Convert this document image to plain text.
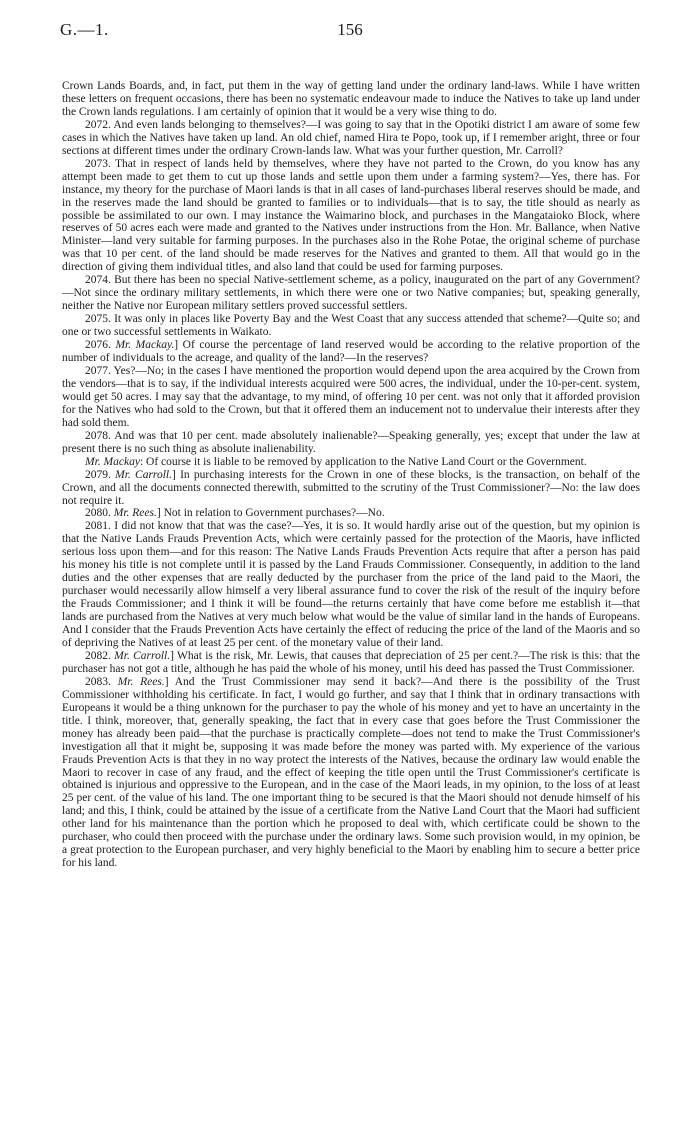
G.—1.	156

Crown Lands Boards, and, in fact, put them in the way of getting land under the ordinary land-laws. While I have written these letters on frequent occasions, there has been no systematic endeavour made to induce the Natives to take up land under the Crown lands regulations. I am certainly of opinion that it would be a very wise thing to do.

2072. And even lands belonging to themselves?—I was going to say that in the Opotiki district I am aware of some few cases in which the Natives have taken up land. An old chief, named Hira te Popo, took up, if I remember aright, three or four sections at different times under the ordinary Crown-lands law. What was your further question, Mr. Carroll?

2073. That in respect of lands held by themselves, where they have not parted to the Crown, do you know has any attempt been made to get them to cut up those lands and settle upon them under a farming system?—Yes, there has. For instance, my theory for the purchase of Maori lands is that in all cases of land-purchases liberal reserves should be made, and in the reserves made the land should be granted to families or to individuals—that is to say, the title should as nearly as possible be assimilated to our own. I may instance the Waimarino block, and purchases in the Mangataioko Block, where reserves of 50 acres each were made and granted to the Natives under instructions from the Hon. Mr. Ballance, when Native Minister—land very suitable for farming purposes. In the purchases also in the Rohe Potae, the original scheme of purchase was that 10 per cent. of the land should be made reserves for the Natives and granted to them. All that would go in the direction of giving them individual titles, and also land that could be used for farming purposes.

2074. But there has been no special Native-settlement scheme, as a policy, inaugurated on the part of any Government?—Not since the ordinary military settlements, in which there were one or two Native companies; but, speaking generally, neither the Native nor European military settlers proved successful settlers.

2075. It was only in places like Poverty Bay and the West Coast that any success attended that scheme?—Quite so; and one or two successful settlements in Waikato.

2076. Mr. Mackay.] Of course the percentage of land reserved would be according to the relative proportion of the number of individuals to the acreage, and quality of the land?—In the reserves?

2077. Yes?—No; in the cases I have mentioned the proportion would depend upon the area acquired by the Crown from the vendors—that is to say, if the individual interests acquired were 500 acres, the individual, under the 10-per-cent. system, would get 50 acres. I may say that the advantage, to my mind, of offering 10 per cent. was not only that it afforded provision for the Natives who had sold to the Crown, but that it offered them an inducement not to undervalue their interests after they had sold them.

2078. And was that 10 per cent. made absolutely inalienable?—Speaking generally, yes; except that under the law at present there is no such thing as absolute inalienability.

Mr. Mackay: Of course it is liable to be removed by application to the Native Land Court or the Government.

2079. Mr. Carroll.] In purchasing interests for the Crown in one of these blocks, is the transaction, on behalf of the Crown, and all the documents connected therewith, submitted to the scrutiny of the Trust Commissioner?—No: the law does not require it.

2080. Mr. Rees.] Not in relation to Government purchases?—No.

2081. I did not know that that was the case?—Yes, it is so. It would hardly arise out of the question, but my opinion is that the Native Lands Frauds Prevention Acts, which were certainly passed for the protection of the Maoris, have inflicted serious loss upon them—and for this reason: The Native Lands Frauds Prevention Acts require that after a person has paid his money his title is not complete until it is passed by the Land Frauds Commissioner. Consequently, in addition to the land duties and the other expenses that are really deducted by the purchaser from the price of the land paid to the Maori, the purchaser would necessarily allow himself a very liberal assurance fund to cover the risk of the result of the inquiry before the Frauds Commissioner; and I think it will be found—the returns certainly that have come before me establish it—that lands are purchased from the Natives at very much below what would be the value of similar land in the hands of Europeans. And I consider that the Frauds Prevention Acts have certainly the effect of reducing the price of the land of the Maoris and so of depriving the Natives of at least 25 per cent. of the monetary value of their land.

2082. Mr. Carroll.] What is the risk, Mr. Lewis, that causes that depreciation of 25 per cent.?—The risk is this: that the purchaser has not got a title, although he has paid the whole of his money, until his deed has passed the Trust Commissioner.

2083. Mr. Rees.] And the Trust Commissioner may send it back?—And there is the possibility of the Trust Commissioner withholding his certificate. In fact, I would go further, and say that I think that in ordinary transactions with Europeans it would be a thing unknown for the purchaser to pay the whole of his money and yet to have an uncertainty in the title. I think, moreover, that, generally speaking, the fact that in every case that goes before the Trust Commissioner the money has already been paid—that the purchase is practically complete—does not tend to make the Trust Commissioner's investigation all that it might be, supposing it was made before the money was parted with. My experience of the various Frauds Prevention Acts is that they in no way protect the interests of the Natives, because the ordinary law would enable the Maori to recover in case of any fraud, and the effect of keeping the title open until the Trust Commissioner's certificate is obtained is injurious and oppressive to the European, and in the case of the Maori leads, in my opinion, to the loss of at least 25 per cent. of the value of his land. The one important thing to be secured is that the Maori should not denude himself of his land; and this, I think, could be attained by the issue of a certificate from the Native Land Court that the Maori had sufficient other land for his maintenance than the portion which he proposed to deal with, which certificate could be shown to the purchaser, who could then proceed with the purchase under the ordinary laws. Some such provision would, in my opinion, be a great protection to the European purchaser, and very highly beneficial to the Maori by enabling him to secure a better price for his land.
